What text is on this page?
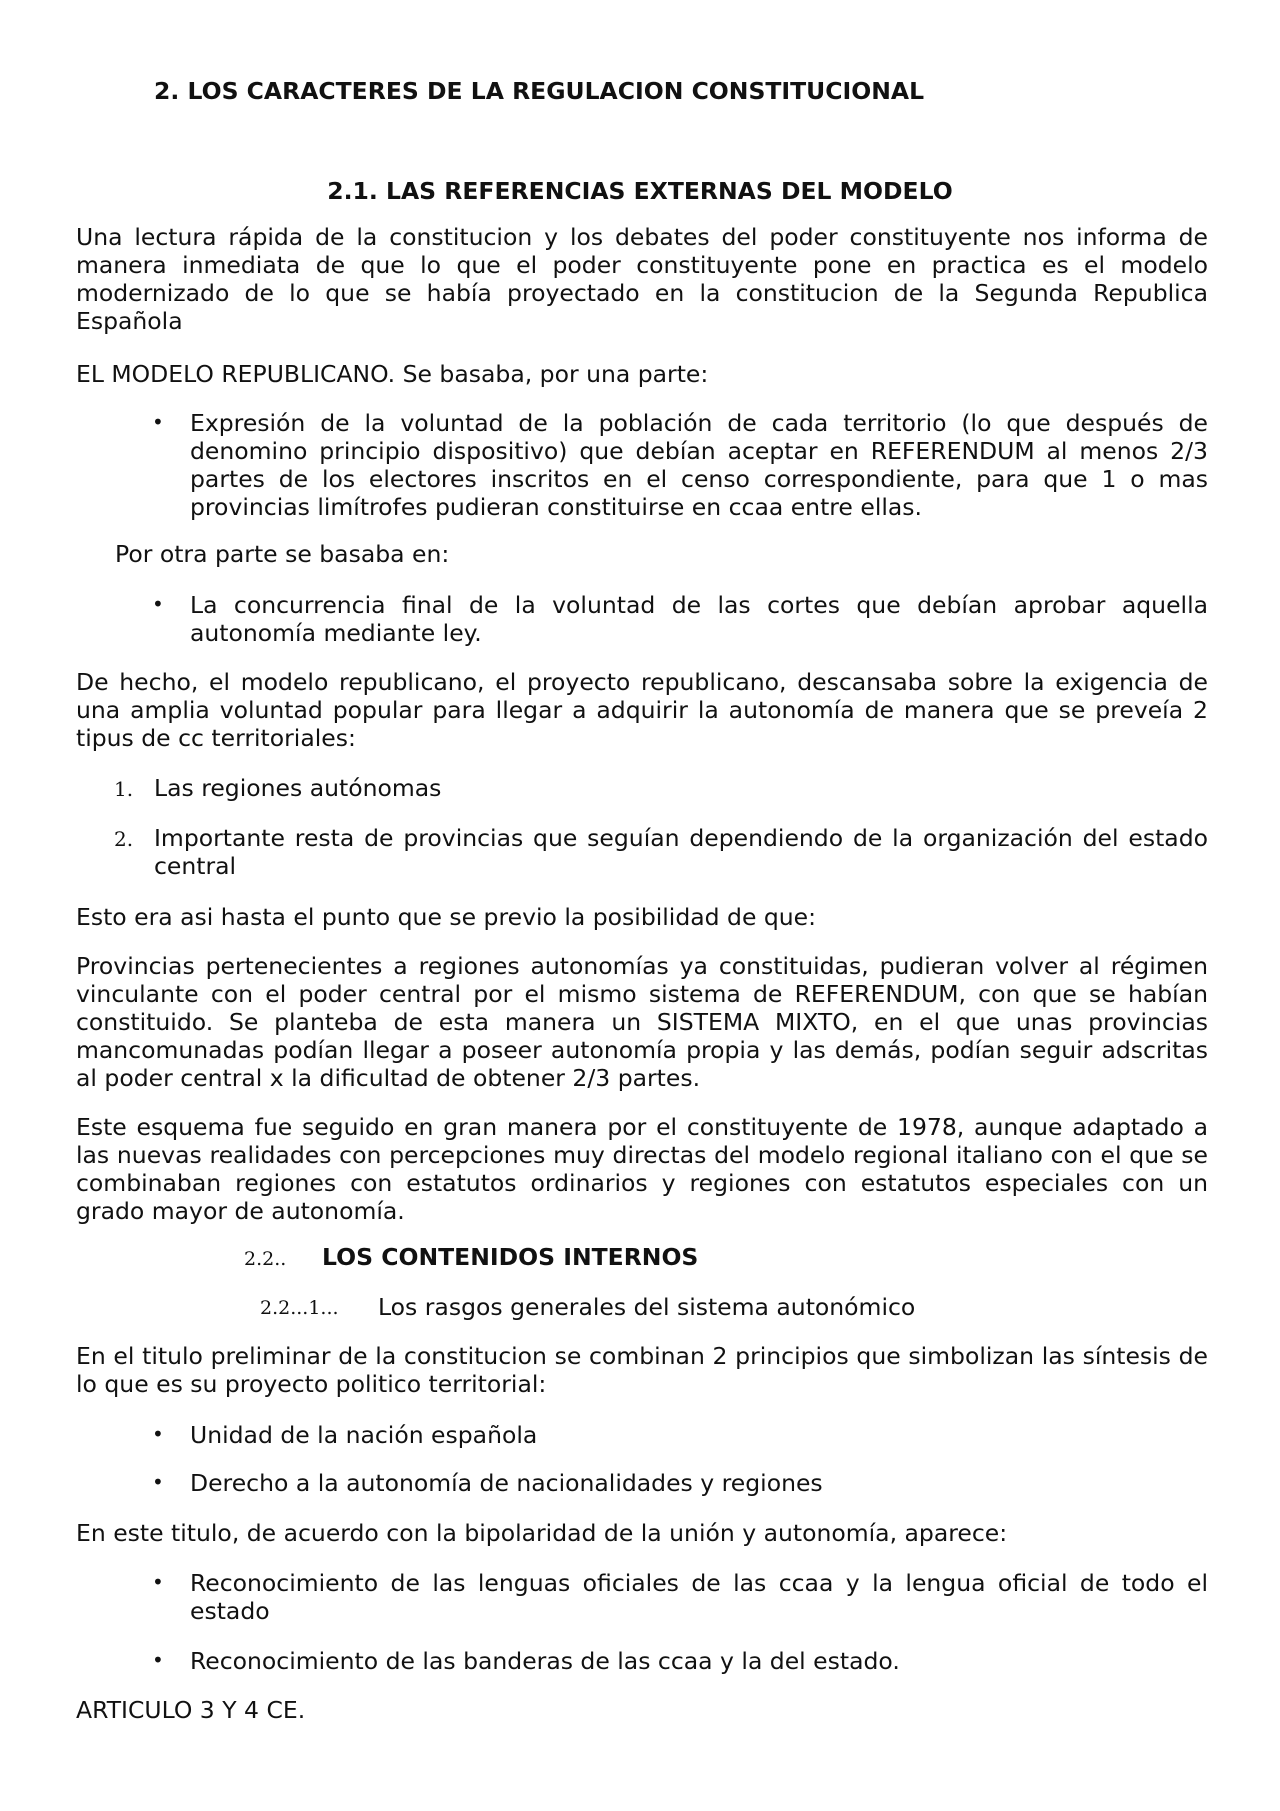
2. LOS CARACTERES DE LA REGULACION CONSTITUCIONAL
2.1. LAS REFERENCIAS EXTERNAS DEL MODELO
Una lectura rápida de la constitucion y los debates del poder constituyente nos informa de manera inmediata de que lo que el poder constituyente pone en practica es el modelo modernizado de lo que se había proyectado en la constitucion de la Segunda Republica Española
EL MODELO REPUBLICANO. Se basaba, por una parte:
• Expresión de la voluntad de la población de cada territorio (lo que después de denomino principio dispositivo) que debían aceptar en REFERENDUM al menos 2/3 partes de los electores inscritos en el censo correspondiente, para que 1 o mas provincias limítrofes pudieran constituirse en ccaa entre ellas.
Por otra parte se basaba en:
• La concurrencia final de la voluntad de las cortes que debían aprobar aquella autonomía mediante ley.
De hecho, el modelo republicano, el proyecto republicano, descansaba sobre la exigencia de una amplia voluntad popular para llegar a adquirir la autonomía de manera que se preveía 2 tipus de cc territoriales:
1. Las regiones autónomas
2. Importante resta de provincias que seguían dependiendo de la organización del estado central
Esto era asi hasta el punto que se previo la posibilidad de que:
Provincias pertenecientes a regiones autonomías ya constituidas, pudieran volver al régimen vinculante con el poder central por el mismo sistema de REFERENDUM, con que se habían constituido. Se planteba de esta manera un SISTEMA MIXTO, en el que unas provincias mancomunadas podían llegar a poseer autonomía propia y las demás, podían seguir adscritas al poder central x la dificultad de obtener 2/3 partes.
Este esquema fue seguido en gran manera por el constituyente de 1978, aunque adaptado a las nuevas realidades con percepciones muy directas del modelo regional italiano con el que se combinaban regiones con estatutos ordinarios y regiones con estatutos especiales con un grado mayor de autonomía.
2.2.. LOS CONTENIDOS INTERNOS
2.2...1... Los rasgos generales del sistema autonómico
En el titulo preliminar de la constitucion se combinan 2 principios que simbolizan las síntesis de lo que es su proyecto politico territorial:
• Unidad de la nación española
• Derecho a la autonomía de nacionalidades y regiones
En este titulo, de acuerdo con la bipolaridad de la unión y autonomía, aparece:
• Reconocimiento de las lenguas oficiales de las ccaa y la lengua oficial de todo el estado
• Reconocimiento de las banderas de las ccaa y la del estado.
ARTICULO 3 Y 4 CE.
